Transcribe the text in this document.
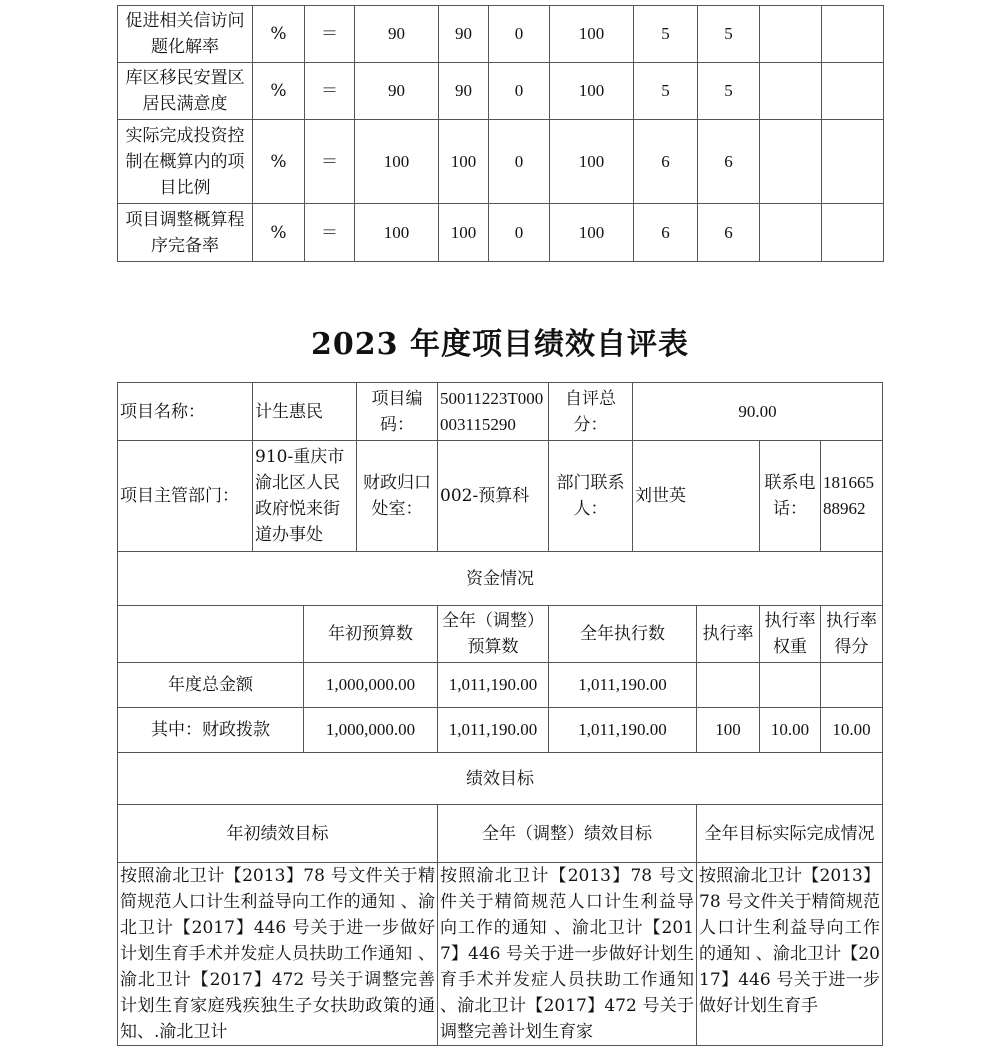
促进相关信访问题化解率	%	＝	90	90	0	100	5	5		
库区移民安置区居民满意度	%	＝	90	90	0	100	5	5		
实际完成投资控制在概算内的项目比例	%	＝	100	100	0	100	6	6		
项目调整概算程序完备率	%	＝	100	100	0	100	6	6		
2023 年度项目绩效自评表
项目名称：	计生惠民		项目编码：	50011223T000003115290	自评总分：	90.00			
项目主管部门：	910-重庆市渝北区人民政府悦来街道办事处		财政归口处室：	002-预算科	部门联系人：	刘世英		联系电话：	18166588962
资金情况									
		年初预算数		全年（调整）预算数	全年执行数		执行率	执行率权重	执行率得分
年度总金额		1,000,000.00		1,011,190.00	1,011,190.00				
其中：财政拨款		1,000,000.00		1,011,190.00	1,011,190.00		100	10.00	10.00
绩效目标									
年初绩效目标				全年（调整）绩效目标			全年目标实际完成情况		
按照渝北卫计【2013】78 号文件关于精简规范人口计生利益导向工作的通知 、渝北卫计【2017】446 号关于进一步做好计划生育手术并发症人员扶助工作通知 、渝北卫计【2017】472 号关于调整完善计划生育家庭残疾独生子女扶助政策的通知、.渝北卫计				按照渝北卫计【2013】78 号文件关于精简规范人口计生利益导向工作的通知 、渝北卫计【2017】446 号关于进一步做好计划生育手术并发症人员扶助工作通知 、渝北卫计【2017】472 号关于调整完善计划生育家			按照渝北卫计【2013】78 号文件关于精简规范人口计生利益导向工作的通知 、渝北卫计【2017】446 号关于进一步做好计划生育手		
